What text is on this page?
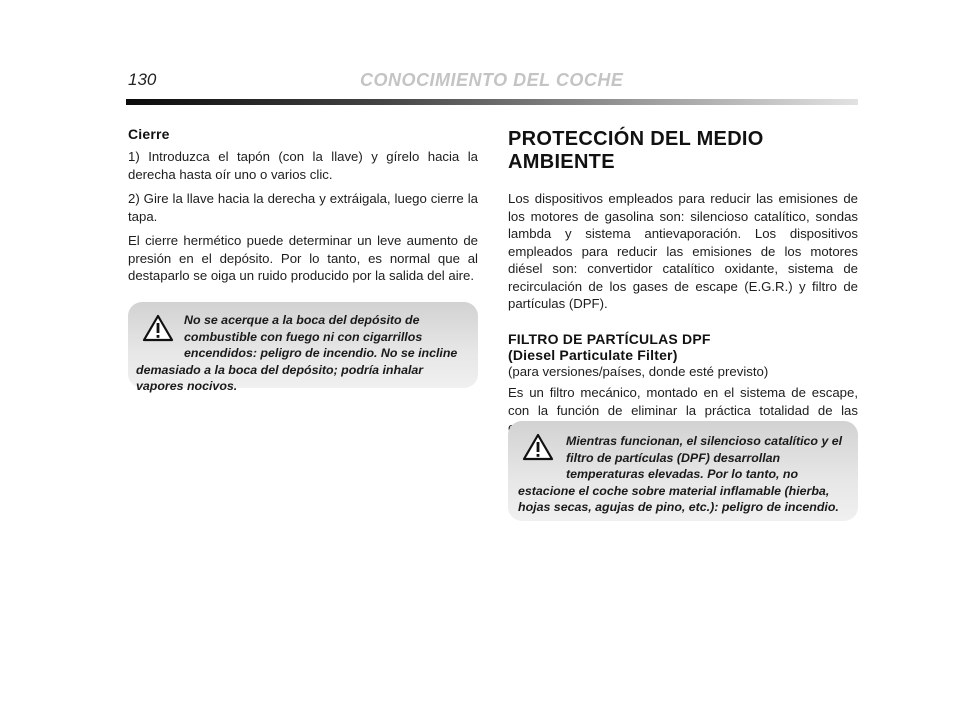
130	CONOCIMIENTO DEL COCHE
Cierre

1) Introduzca el tapón (con la llave) y gírelo hacia la derecha hasta oír uno o varios clic.

2) Gire la llave hacia la derecha y extráigala, luego cierre la tapa.

El cierre hermético puede determinar un leve aumento de presión en el depósito. Por lo tanto, es normal que al destaparlo se oiga un ruido producido por la salida del aire.

No se acerque a la boca del depósito de combustible con fuego ni con cigarrillos encendidos: peligro de incendio. No se incline demasiado a la boca del depósito; podría inhalar vapores nocivos.

PROTECCIÓN DEL MEDIO AMBIENTE

Los dispositivos empleados para reducir las emisiones de los motores de gasolina son: silencioso catalítico, sondas lambda y sistema antievaporación. Los dispositivos empleados para reducir las emisiones de los motores diésel son: convertidor catalítico oxidante, sistema de recirculación de los gases de escape (E.G.R.) y filtro de partículas (DPF).

FILTRO DE PARTÍCULAS DPF
(Diesel Particulate Filter)

(para versiones/países, donde esté previsto)

Es un filtro mecánico, montado en el sistema de escape, con la función de eliminar la práctica totalidad de las

Mientras funcionan, el silencioso catalítico y el filtro de partículas (DPF) desarrollan temperaturas elevadas. Por lo tanto, no estacione el coche sobre material inflamable (hierba, hojas secas, agujas de pino, etc.): peligro de incendio.
